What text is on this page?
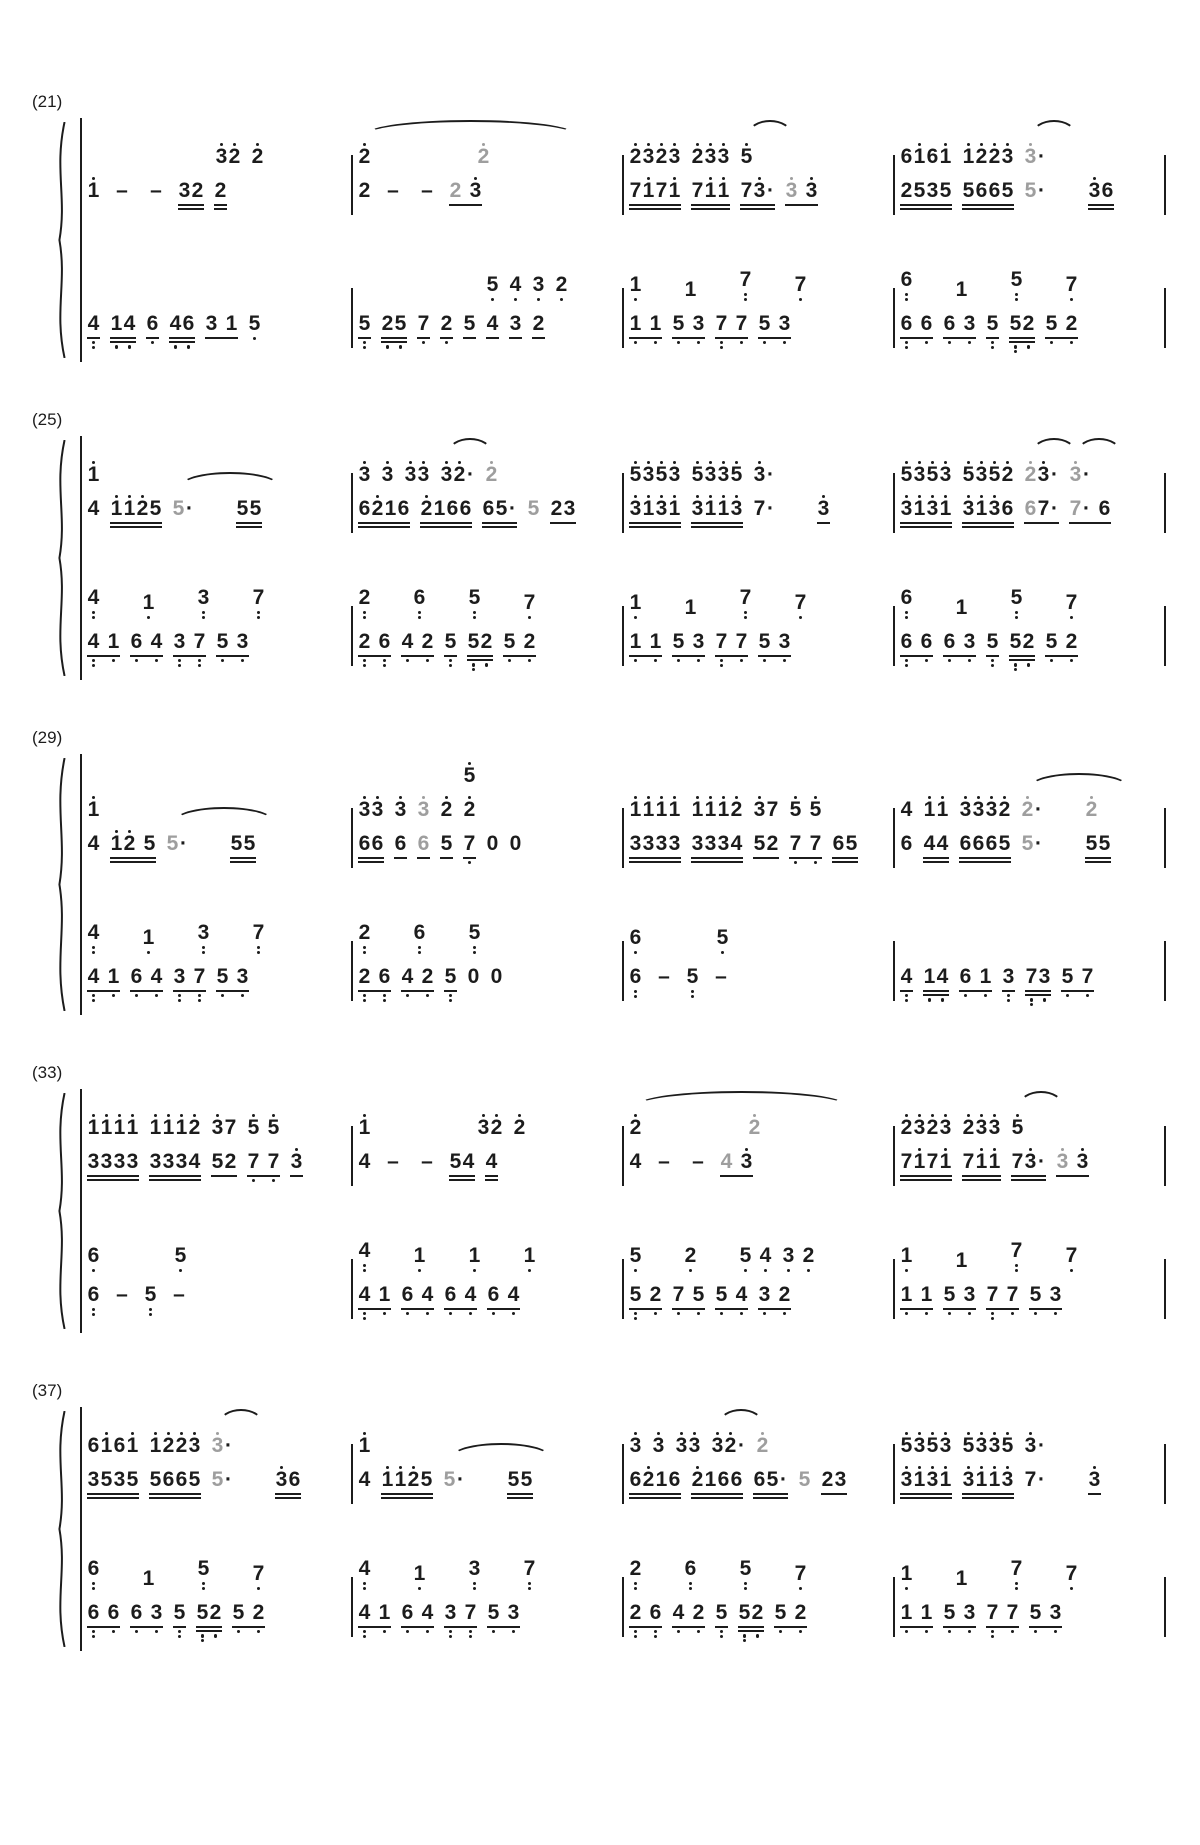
(21)
3 2 2
1 – – 3 2 2
2	2
2 – – 2 3
2 3 2 3 2 3 3 5
7 1 7 1 7 1 1 7 3 · 3 3
6 1 6 1 1 2 2 3 3 ·
2 5 3 5 5 6 6 5 5 · 3 6
4 1 4 6 4 6 3 1 5
5 4 3 2
5 2 5 7 2 5 4 3 2
1 1 7 7
1 1 5 3 7 7 5 3
6 1 5 7
6 6 6 3 5 5 2 5 2
(25)
1
4 1 1 2 5 5 · 5 5
3 3 3 3 3 2 · 2
6 2 1 6 2 1 6 6 6 5 · 5 2 3
5 3 5 3 5 3 3 5 3 ·
3 1 3 1 3 1 1 3 7 · 3
5 3 5 3 5 3 5 2 2 3 · 3 ·
3 1 3 1 3 1 3 6 6 7 · 7 · 6
4 1 3 7
4 1 6 4 3 7 5 3
2 6 5 7
2 6 4 2 5 5 2 5 2
1 1 7 7
1 1 5 3 7 7 5 3
6 1 5 7
6 6 6 3 5 5 2 5 2
(29)
1
4 1 2 5 5 · 5 5
3 3 3 3 2
5
2
6 6 6 6 5 7 0 0
1 1 1 1 1 1 1 2 3 7 5 5
3 3 3 3 3 3 3 4 5 2 7 7 6 5
4 1 1 3 3 3 2 2 · 2
6 4 4 6 6 6 5 5 · 5 5
4 1 3 7
4 1 6 4 3 7 5 3
2 6 5
2 6 4 2 5 0 0
6	5
6 – 5 –	4 1 4 6 1 3 7 3 5 7
(33)
1 1 1 1 1 1 1 2 3 7 5 5
3 3 3 3 3 3 3 4 5 2 7 7 3
1	3 2 2
4 – – 5 4 4
2	2
4 – – 4 3
2 3 2 3 2 3 3 5
7 1 7 1 7 1 1 7 3 · 3 3
6	5
6 – 5 –
4 1 1 1
4 1 6 4 6 4 6 4
5 2 5 4 3 2
5 2 7 5 5 4 3 2
1 1 7 7
1 1 5 3 7 7 5 3
(37)
6 1 6 1 1 2 2 3 3 ·
3 5 3 5 5 6 6 5 5 · 3 6
1
4 1 1 2 5 5 · 5 5
3 3 3 3 3 2 · 2
6 2 1 6 2 1 6 6 6 5 · 5 2 3
5 3 5 3 5 3 3 5 3 ·
3 1 3 1 3 1 1 3 7 · 3
6 1 5 7
6 6 6 3 5 5 2 5 2
4 1 3 7
4 1 6 4 3 7 5 3
2 6 5 7
2 6 4 2 5 5 2 5 2
1 1 7 7
1 1 5 3 7 7 5 3
